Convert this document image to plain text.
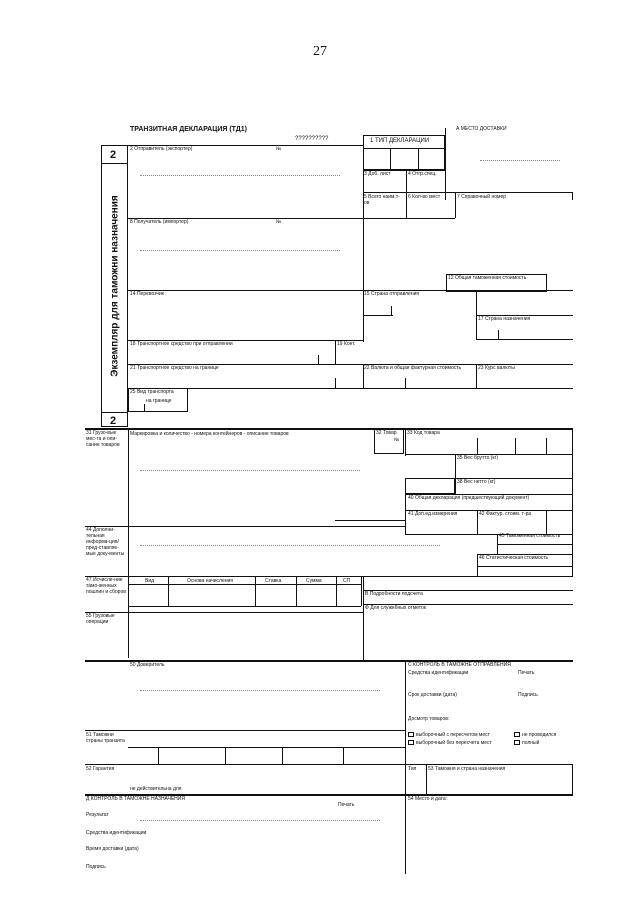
27
ТРАНЗИТНАЯ ДЕКЛАРАЦИЯ (ТД1)
??????????
А МЕСТО ДОСТАВКИ
2
2
Экземпляр для таможни назначения
1 ТИП ДЕКЛАРАЦИИ
2 Отправитель (экспортер)	№
3 Доб. лист	4 Отгр.спец.
5 Всего наим.т-ов
6 Кол-во мест	7 Справочный номер
8 Получатель (импортер)	№
12 Общая таможенная стоимость
14 Перевозчик	15 Страна отправления
17 Страна назначения
18 Транспортное средство при отправлении	19 Конт.
21 Транспортное средство на границе	22 Валюта и общая фактурная стоимость	23 Курс валюты
25 Вид транспорта
на границе
31 Грузо-вые мес-та и опи-сание товаров
Маркировка и количество - номера контейнеров - описание товаров	32 Товар
№
33 Код товара
35 Вес брутто (кг)
38 Вес нетто (кг)
40 Общая декларация (предшествующий документ)
41 Доп.ед.измерения	42 Фактур. стоим. т-ра
44 Дополни-тельная информа-ция/пред-ставляе-мые доку-менты
45 Таможенная стоимость
46 Статистическая стоимость
47 Исчисле-ние тамо-женных пошлин и сборов
Вид	Основа начисления	Ставка	Сумма	СП
В Подробности подсчета
Ф Для служебных отметок
55 Грузовые операции
50 Доверитель	С КОНТРОЛЬ В ТАМОЖНЕ ОТПРАВЛЕНИЯ
Средства идентификации	Печать
Срок доставки (дата)	Подпись
Досмотр товаров:
выборочный с пересчетом мест	не проводился
выборочный без пересчета мест	полный
51 Таможни страны транзита
52 Гарантия
не действительна для
Тип 53 Таможня и страна назначения
Д КОНТРОЛЬ В ТАМОЖНЕ НАЗНАЧЕНИЯ
Печать
Результат
Средства идентификации
Время доставки (дата)
Подпись
54 Место и дата:
